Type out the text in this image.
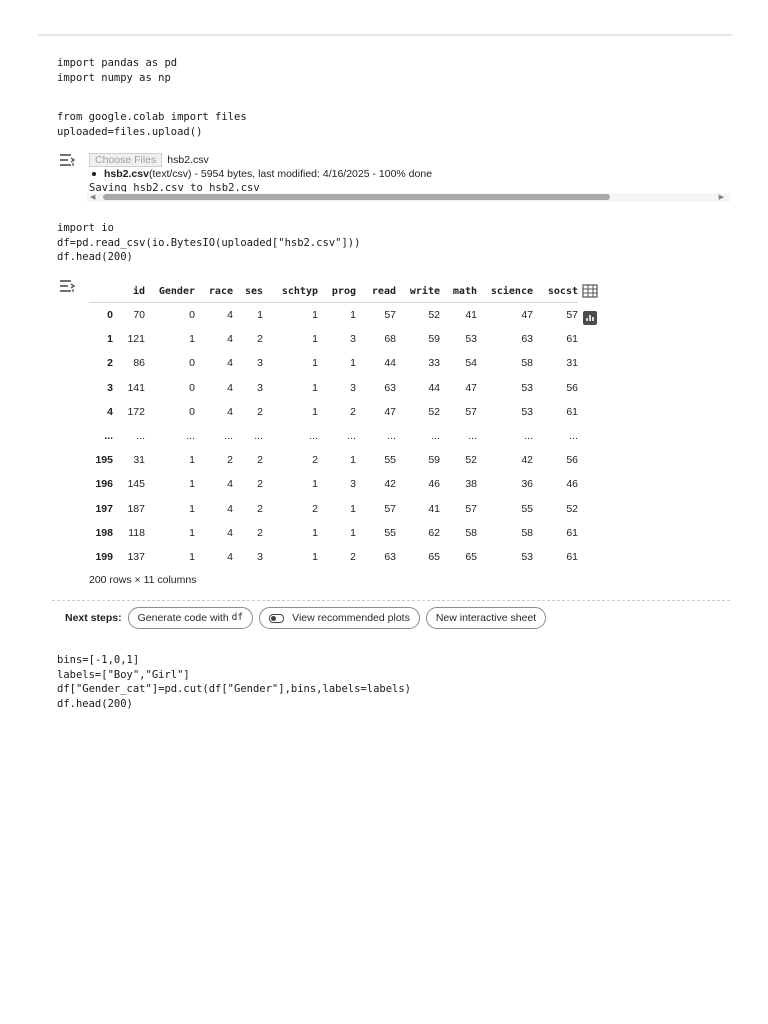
import pandas as pd
import numpy as np
from google.colab import files
uploaded=files.upload()
Choose Files	hsb2.csv
hsb2.csv(text/csv) - 5954 bytes, last modified: 4/16/2025 - 100% done
Saving hsb2.csv to hsb2.csv
◀	▶
import io
df=pd.read_csv(io.BytesIO(uploaded["hsb2.csv"]))
df.head(200)
	id	Gender	race	ses	schtyp	prog	read	write	math	science	socst
0	70	0	4	1	1	1	57	52	41	47	57
1	121	1	4	2	1	3	68	59	53	63	61
2	86	0	4	3	1	1	44	33	54	58	31
3	141	0	4	3	1	3	63	44	47	53	56
4	172	0	4	2	1	2	47	52	57	53	61
...	...	...	...	...	...	...	...	...	...	...	...
195	31	1	2	2	2	1	55	59	52	42	56
196	145	1	4	2	1	3	42	46	38	36	46
197	187	1	4	2	2	1	57	41	57	55	52
198	118	1	4	2	1	1	55	62	58	58	61
199	137	1	4	3	1	2	63	65	65	53	61
200 rows × 11 columns
Next steps: Generate code with df	View recommended plots New interactive sheet
bins=[-1,0,1]
labels=["Boy","Girl"]
df["Gender_cat"]=pd.cut(df["Gender"],bins,labels=labels)
df.head(200)
